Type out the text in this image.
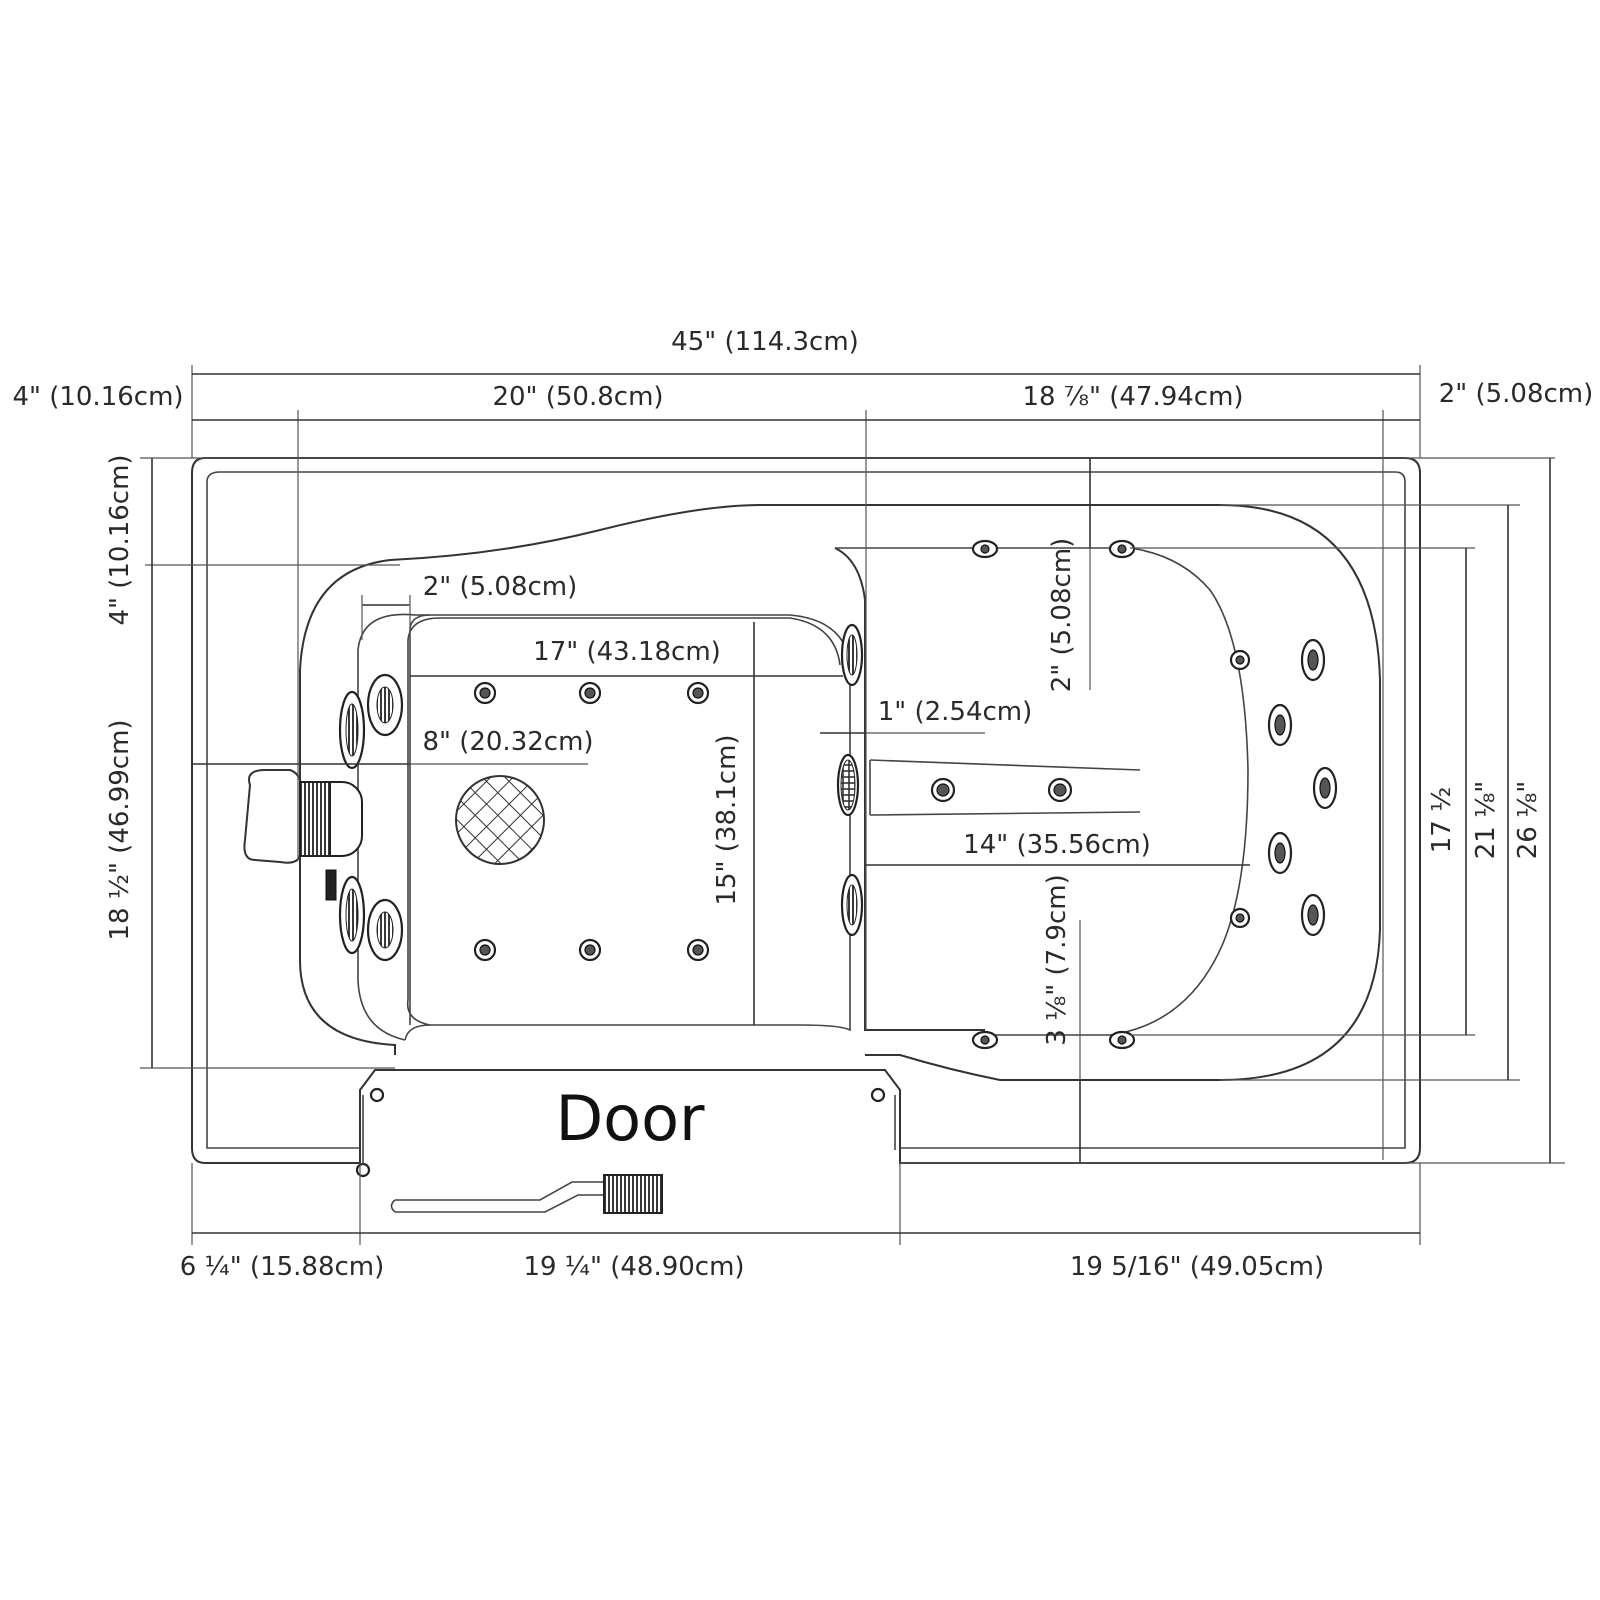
Door
45" (114.3cm)
4" (10.16cm)	20" (50.8cm)	18 ⅞" (47.94cm)	2" (5.08cm)
4" (10.16cm)
18 ½" (46.99cm)
2" (5.08cm)
17" (43.18cm)
8" (20.32cm)	15" (38.1cm)
1" (2.54cm)
2" (5.08cm)
14" (35.56cm)
3 ⅛" (7.9cm)
17 ½ 21 ⅛" 26 ⅛"
6 ¼" (15.88cm)	19 ¼" (48.90cm)	19 5/16" (49.05cm)
